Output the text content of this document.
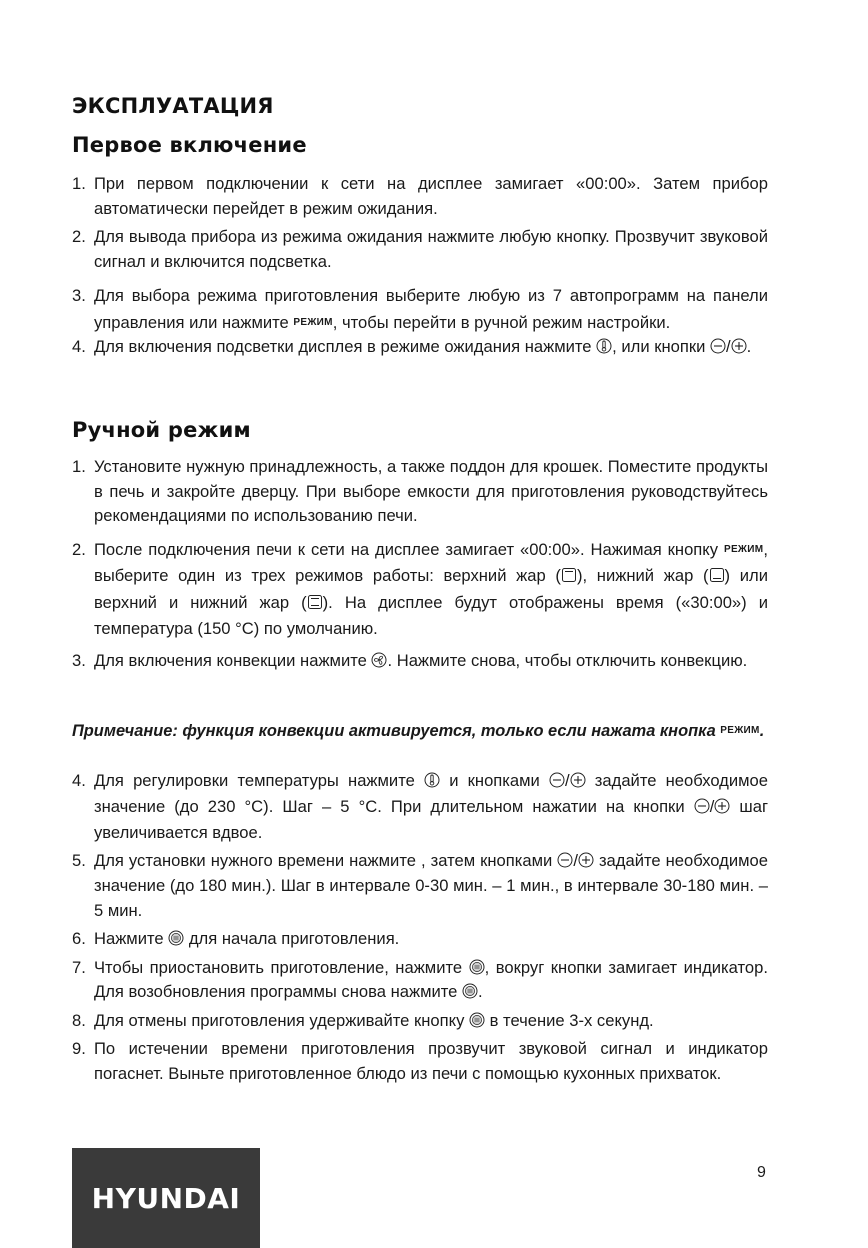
ЭКСПЛУАТАЦИЯ
Первое включение
1. При первом подключении к сети на дисплее замигает «00:00». Затем прибор автоматически перейдет в режим ожидания.
2. Для вывода прибора из режима ожидания нажмите любую кнопку. Прозвучит звуковой сигнал и включится подсветка.
3. Для выбора режима приготовления выберите любую из 7 автопрограмм на панели управления или нажмите РЕЖИМ, чтобы перейти в ручной режим настройки.
4. Для включения подсветки дисплея в режиме ожидания нажмите
, или кнопки
/ .
Ручной режим
1. Установите нужную принадлежность, а также поддон для крошек. Поместите продукты в печь и закройте дверцу. При выборе емкости для приготовления руководствуйтесь рекомендациями по использованию печи.
2. После подключения печи к сети на дисплее замигает «00:00». Нажимая кнопку РЕЖИМ, выберите один из трех режимов работы: верхний жар ( ), нижний жар ( ) или верхний и нижний жар ( ). На дисплее будут отображены время («30:00») и температура (150 °C) по умолчанию.
3. Для включения конвекции нажмите
. Нажмите снова, чтобы отключить конвекцию.
Примечание: функция конвекции активируется, только если нажата кнопка РЕЖИМ.
4. Для регулировки температуры нажмите
и кнопками
/
задайте необходимое значение (до 230 °C). Шаг – 5 °C. При длительном нажатии на кнопки
/
шаг увеличивается вдвое.
5. Для установки нужного времени нажмите , затем кнопками
/
задайте необходимое значение (до 180 мин.). Шаг в интервале 0-30 мин. – 1 мин., в интервале 30-180 мин. – 5 мин.
6. Нажмите
для начала приготовления.
7. Чтобы приостановить приготовление, нажмите
, вокруг кнопки замигает индикатор. Для возобновления программы снова нажмите
.
8. Для отмены приготовления удерживайте кнопку
в течение 3-х секунд.
9. По истечении времени приготовления прозвучит звуковой сигнал и индикатор погаснет. Выньте приготовленное блюдо из печи с помощью кухонных прихваток.
HYUNDAI
9
